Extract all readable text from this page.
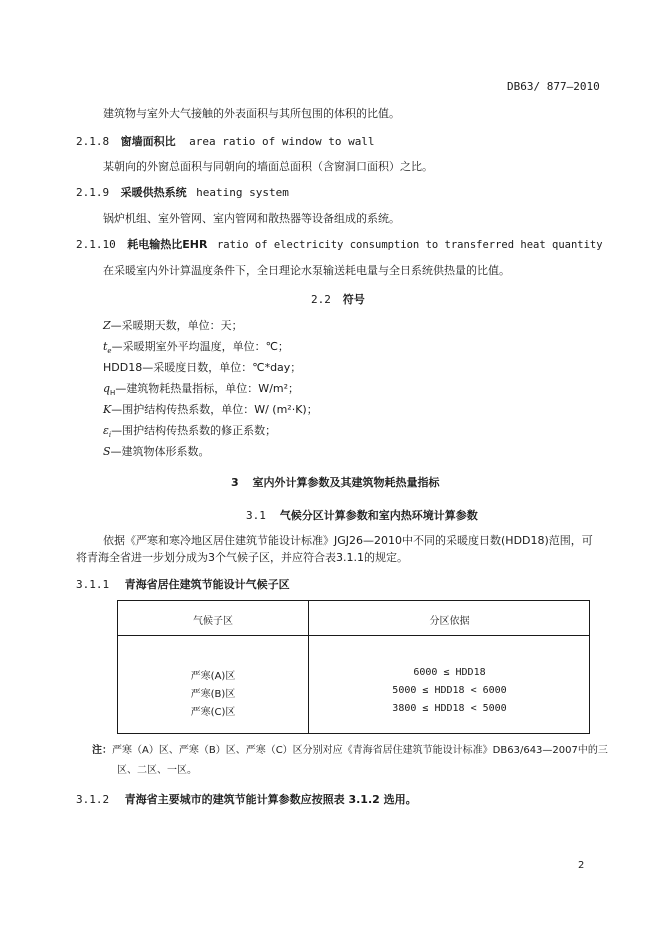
DB63/ 877—2010
建筑物与室外大气接触的外表面积与其所包围的体积的比值。
2.1.8 窗墙面积比 area ratio of window to wall
某朝向的外窗总面积与同朝向的墙面总面积（含窗洞口面积）之比。
2.1.9 采暖供热系统 heating system
锅炉机组、室外管网、室内管网和散热器等设备组成的系统。
2.1.10 耗电输热比EHR ratio of electricity consumption to transferred heat quantity
在采暖室内外计算温度条件下，全日理论水泵输送耗电量与全日系统供热量的比值。
2.2 符号
Z—采暖期天数，单位：天；
$t_e—$采暖期室外平均温度，单位：℃；
HDD18—采暖度日数，单位：℃*day；
$q_H—$建筑物耗热量指标，单位：W/m²；
K—围护结构传热系数，单位：W/ (m²·K)；
$\varepsilon_i—$围护结构传热系数的修正系数；
S—建筑物体形系数。
3 室内外计算参数及其建筑物耗热量指标
3.1 气候分区计算参数和室内热环境计算参数
依据《严寒和寒冷地区居住建筑节能设计标准》JGJ26—2010中不同的采暖度日数(HDD18)范围，可
将青海全省进一步划分成为3个气候子区，并应符合表3.1.1的规定。
3.1.1 青海省居住建筑节能设计气候子区
气候子区	分区依据
严寒(A)区
严寒(B)区
严寒(C)区
6000 ≤ HDD18
5000 ≤ HDD18 < 6000
3800 ≤ HDD18 < 5000
注：严寒（A）区、严寒（B）区、严寒（C）区分别对应《青海省居住建筑节能设计标准》DB63/643—2007中的三
区、二区、一区。
3.1.2 青海省主要城市的建筑节能计算参数应按照表 3.1.2 选用。
2
